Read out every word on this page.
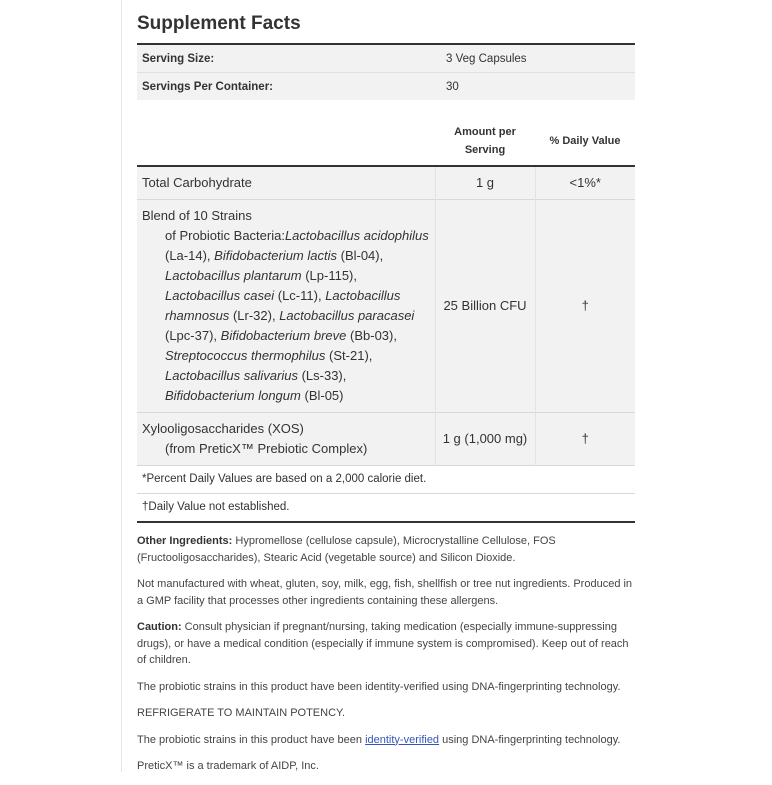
Supplement Facts
Serving Size:	3 Veg Capsules
Servings Per Container:	30
	Amount per Serving	% Daily Value
Total Carbohydrate	1 g	<1%*
Blend of 10 Strains
of Probiotic Bacteria:Lactobacillus acidophilus (La-14), Bifidobacterium lactis (Bl-04), Lactobacillus plantarum (Lp-115), Lactobacillus casei (Lc-11), Lactobacillus rhamnosus (Lr-32), Lactobacillus paracasei (Lpc-37), Bifidobacterium breve (Bb-03), Streptococcus thermophilus (St-21), Lactobacillus salivarius (Ls-33), Bifidobacterium longum (Bl-05)	25 Billion CFU	†
Xylooligosaccharides (XOS)
(from PreticX™ Prebiotic Complex)	1 g (1,000 mg)	†
*Percent Daily Values are based on a 2,000 calorie diet.		
†Daily Value not established.		

Other Ingredients: Hypromellose (cellulose capsule), Microcrystalline Cellulose, FOS (Fructooligosaccharides), Stearic Acid (vegetable source) and Silicon Dioxide.

Not manufactured with wheat, gluten, soy, milk, egg, fish, shellfish or tree nut ingredients. Produced in a GMP facility that processes other ingredients containing these allergens.

Caution: Consult physician if pregnant/nursing, taking medication (especially immune-suppressing drugs), or have a medical condition (especially if immune system is compromised). Keep out of reach of children.

The probiotic strains in this product have been identity-verified using DNA-fingerprinting technology.

REFRIGERATE TO MAINTAIN POTENCY.

The probiotic strains in this product have been identity-verified using DNA-fingerprinting technology.

PreticX™ is a trademark of AIDP, Inc.
